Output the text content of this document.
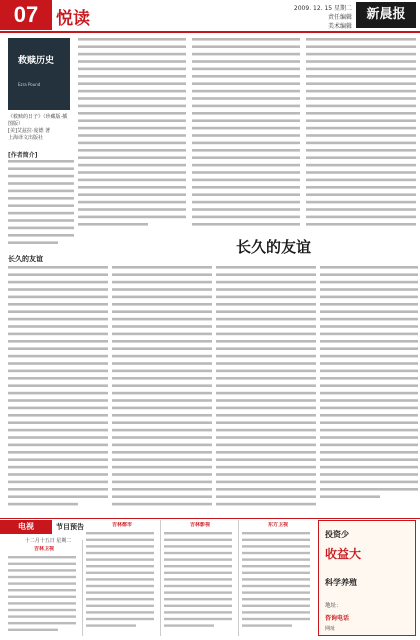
07	悦读
2009. 12. 15 星期二
责任编辑
美术编辑
新晨报
救赎历史
Ezra Pound
《救赎的日子》（珍藏版·插图版）
[美]艾兹拉·庞德 著
上海译文出版社
[作者简介]
长久的友谊
长久的友谊
电视	节目预告
十二月十五日 星期二
吉林卫视
吉林都市	吉林影视	东方卫视
投资少
收益大
科学养殖
地址：
咨询电话
网址
